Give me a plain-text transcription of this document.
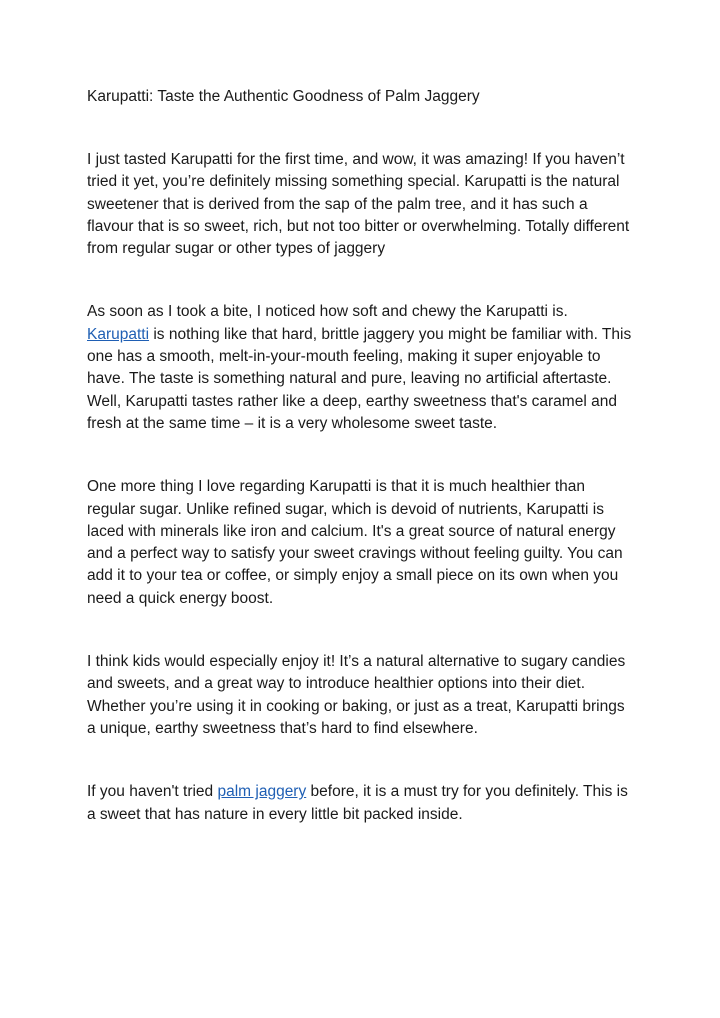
Karupatti: Taste the Authentic Goodness of Palm Jaggery
I just tasted Karupatti for the first time, and wow, it was amazing! If you haven’t tried it yet, you’re definitely missing something special. Karupatti is the natural sweetener that is derived from the sap of the palm tree, and it has such a flavour that is so sweet, rich, but not too bitter or overwhelming. Totally different from regular sugar or other types of jaggery
As soon as I took a bite, I noticed how soft and chewy the Karupatti is.
Karupatti is nothing like that hard, brittle jaggery you might be familiar with. This one has a smooth, melt-in-your-mouth feeling, making it super enjoyable to have. The taste is something natural and pure, leaving no artificial aftertaste. Well, Karupatti tastes rather like a deep, earthy sweetness that's caramel and fresh at the same time – it is a very wholesome sweet taste.
One more thing I love regarding Karupatti is that it is much healthier than regular sugar. Unlike refined sugar, which is devoid of nutrients, Karupatti is laced with minerals like iron and calcium. It's a great source of natural energy and a perfect way to satisfy your sweet cravings without feeling guilty. You can add it to your tea or coffee, or simply enjoy a small piece on its own when you need a quick energy boost.
I think kids would especially enjoy it! It’s a natural alternative to sugary candies and sweets, and a great way to introduce healthier options into their diet. Whether you’re using it in cooking or baking, or just as a treat, Karupatti brings a unique, earthy sweetness that’s hard to find elsewhere.
If you haven't tried palm jaggery before, it is a must try for you definitely. This is a sweet that has nature in every little bit packed inside.
